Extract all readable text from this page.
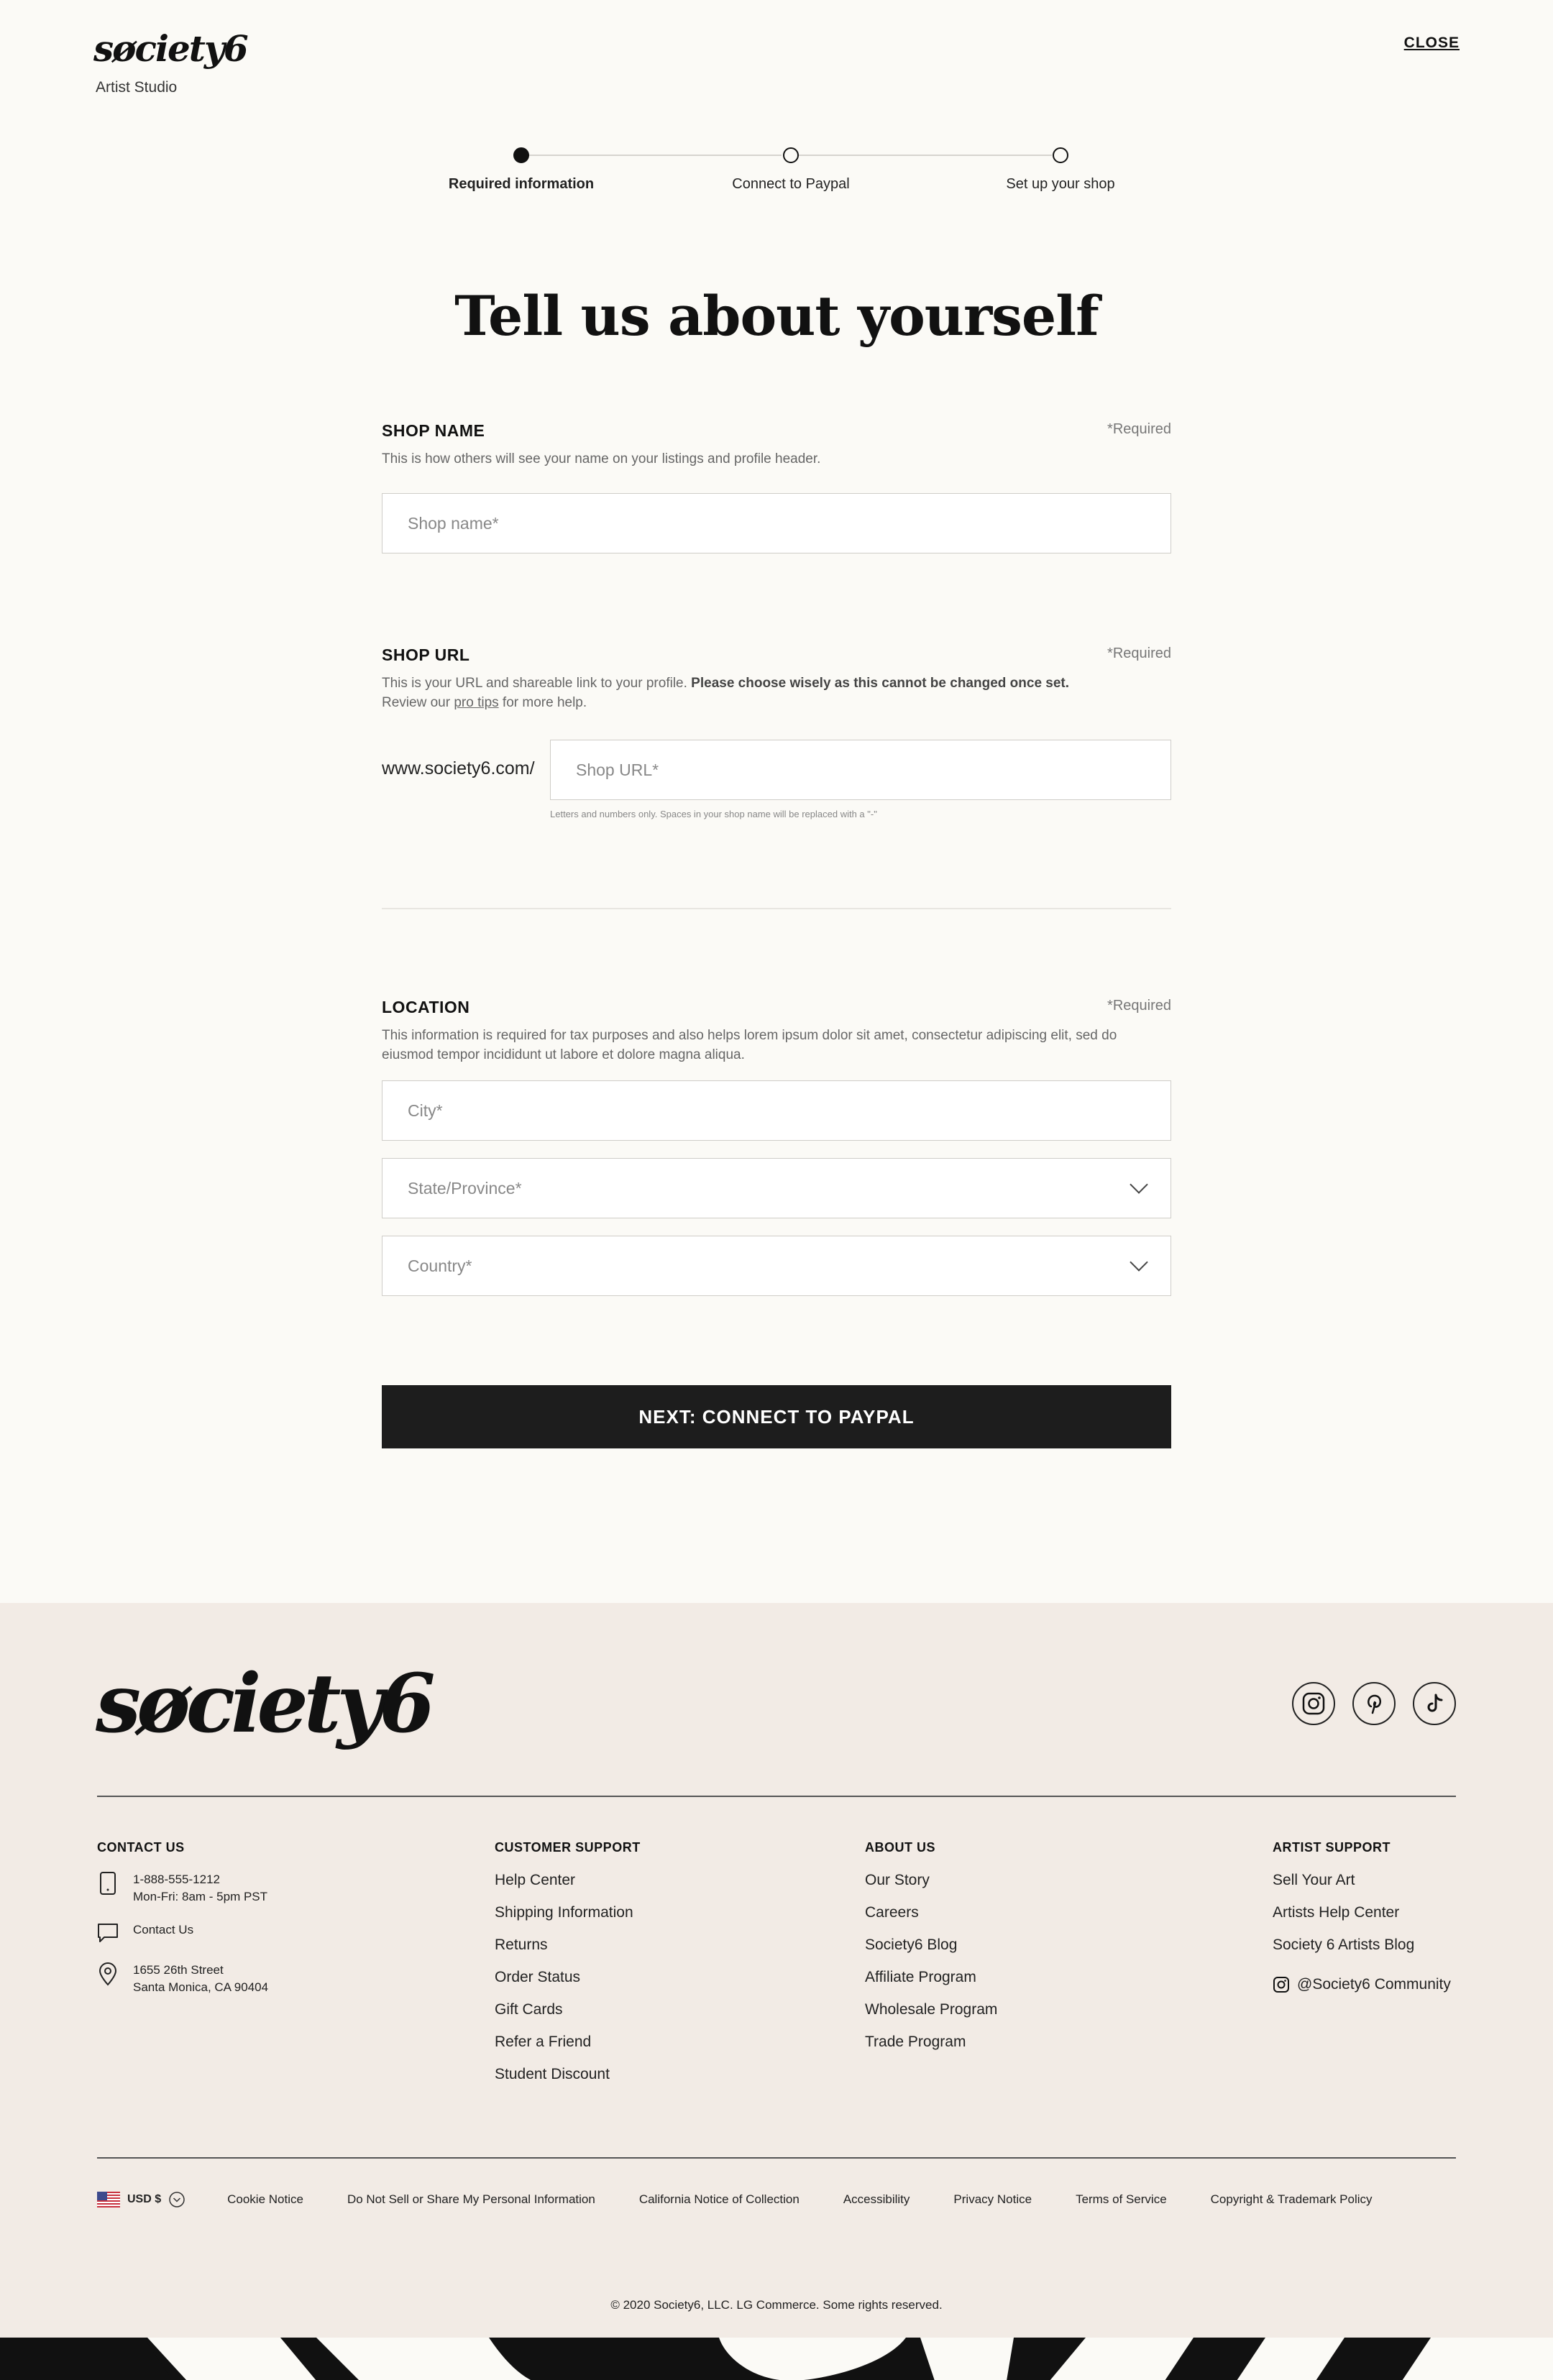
søciety6
Artist Studio
CLOSE
Required information	Connect to Paypal	Set up your shop
Tell us about yourself
*Required
SHOP NAME
This is how others will see your name on your listings and profile header.
Shop name*
*Required
SHOP URL
This is your URL and shareable link to your profile. Please choose wisely as this cannot be changed once set. Review our pro tips for more help.
www.society6.com/ Shop URL*
Letters and numbers only. Spaces in your shop name will be replaced with a "-"
*Required
LOCATION
This information is required for tax purposes and also helps lorem ipsum dolor sit amet, consectetur adipiscing elit, sed do eiusmod tempor incididunt ut labore et dolore magna aliqua.
City*
State/Province*
Country*
NEXT: CONNECT TO PAYPAL
søciety6
CONTACT US
1-888-555-1212
Mon-Fri: 8am - 5pm PST
Contact Us
1655 26th Street
Santa Monica, CA 90404
CUSTOMER SUPPORT
Help Center
Shipping Information
Returns
Order Status
Gift Cards
Refer a Friend
Student Discount
ABOUT US
Our Story
Careers
Society6 Blog
Affiliate Program
Wholesale Program
Trade Program
ARTIST SUPPORT
Sell Your Art
Artists Help Center
Society 6 Artists Blog
@Society6 Community
USD $	Cookie Notice	Do Not Sell or Share My Personal Information	California Notice of Collection	Accessibility	Privacy Notice	Terms of Service	Copyright & Trademark Policy
© 2020 Society6, LLC. LG Commerce. Some rights reserved.
